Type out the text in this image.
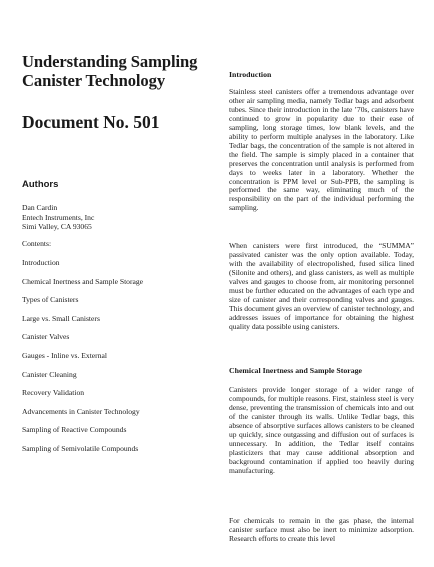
Understanding Sampling
Canister Technology
Document No. 501
Authors
Dan Cardin
Entech Instruments, Inc
Simi Valley, CA 93065
Contents:
Introduction
Chemical Inertness and Sample Storage
Types of Canisters
Large vs. Small Canisters
Canister Valves
Gauges - Inline vs. External
Canister Cleaning
Recovery Validation
Advancements in Canister Technology
Sampling of Reactive Compounds
Sampling of Semivolatile Compounds
Introduction

Stainless steel canisters offer a tremendous advantage over other air sampling media, namely Tedlar bags and adsorbent tubes. Since their introduction in the late ’70s, canisters have continued to grow in popularity due to their ease of sampling, long storage times, low blank levels, and the ability to perform multiple analyses in the laboratory. Like Tedlar bags, the concentration of the sample is not altered in the field. The sample is simply placed in a container that preserves the concentration until analysis is performed from days to weeks later in a laboratory. Whether the concentration is PPM level or Sub-PPB, the sampling is performed the same way, eliminating much of the responsibility on the part of the individual performing the sampling.

When canisters were first introduced, the “SUMMA” passivated canister was the only option available. Today, with the availability of electropolished, fused silica lined (Silonite and others), and glass canisters, as well as multiple valves and gauges to choose from, air monitoring personnel must be further educated on the advantages of each type and size of canister and their corresponding valves and gauges. This document gives an overview of canister technology, and addresses issues of importance for obtaining the highest quality data possible using canisters.

Chemical Inertness and Sample Storage

Canisters provide longer storage of a wider range of compounds, for multiple reasons. First, stainless steel is very dense, preventing the transmission of chemicals into and out of the canister through its walls. Unlike Tedlar bags, this absence of absorptive surfaces allows canisters to be cleaned up quickly, since outgassing and diffusion out of surfaces is unnecessary. In addition, the Tedlar itself contains plasticizers that may cause additional absorption and background contamination if applied too heavily during manufacturing.

For chemicals to remain in the gas phase, the internal canister surface must also be inert to minimize adsorption. Research efforts to create this level
